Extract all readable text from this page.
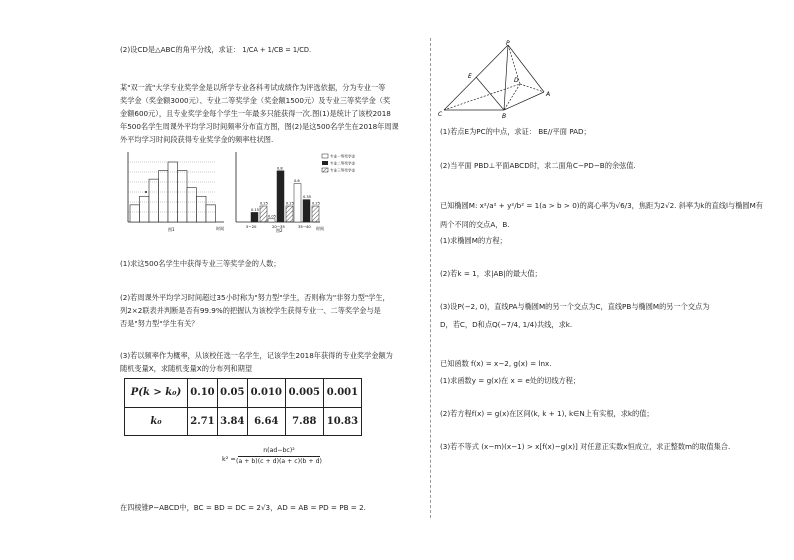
(2)设CD是△ABC的角平分线，求证： 1/CA + 1/CB = 1/CD.
某"双一流"大学专业奖学金是以所学专业各科考试成绩作为评选依据，分为专业一等
奖学金（奖金额3000元）、专业二等奖学金（奖金额1500元）及专业三等奖学金（奖
金额600元），且专业奖学金每个学生一年最多只能获得一次.图(1)是统计了该校2018
年500名学生周课外平均学习时间频率分布直方图，图(2)是这500名学生在2018年周课
外平均学习时间段获得专业奖学金的频率柱状图.
时间
图1
0.15
0.25
0.05
0.8
0.25
0.6
0.35
0.25
5−20	20−35	35−40 时间
图2
专业一等奖学金
专业二等奖学金
专业三等奖学金
(1)求这500名学生中获得专业三等奖学金的人数；
(2)若周课外平均学习时间超过35小时称为"努力型"学生，否则称为"非努力型"学生，
列2×2联表并判断是否有99.9%的把握认为该校学生获得专业一、二等奖学金与是
否是"努力型"学生有关？
(3)若以频率作为概率，从该校任选一名学生，记该学生2018年获得的专业奖学金额为
随机变量X，求随机变量X的分布列和期望
P(k > k₀)	0.10	0.05	0.010	0.005	0.001
k₀	2.71	3.84	6.64	7.88	10.83
k² =
n(ad−bc)²
(a + b)(c + d)(a + c)(b + d)
在四棱锥P−ABCD中，BC = BD = DC = 2√3，AD = AB = PD = PB = 2.
P
E
D
A
C	B
(1)若点E为PC的中点，求证： BE//平面 PAD；
(2)当平面 PBD⊥平面ABCD时，求二面角C−PD−B的余弦值.
已知椭圆M: x²/a² + y²/b² = 1(a > b > 0)的离心率为√6/3，焦距为2√2. 斜率为k的直线l与椭圆M有
两个不同的交点A，B.
(1)求椭圆M的方程；
(2)若k = 1，求|AB|的最大值；
(3)设P(−2, 0)，直线PA与椭圆M的另一个交点为C，直线PB与椭圆M的另一个交点为
D，若C，D和点Q(−7/4, 1/4)共线，求k.
已知函数 f(x) = x−2, g(x) = lnx.
(1)求函数y = g(x)在 x = e处的切线方程；
(2)若方程f(x) = g(x)在区间(k, k + 1), k∈N上有实根，求k的值；
(3)若不等式 (x−m)(x−1) > x[f(x)−g(x)] 对任意正实数x恒成立，求正整数m的取值集合.
